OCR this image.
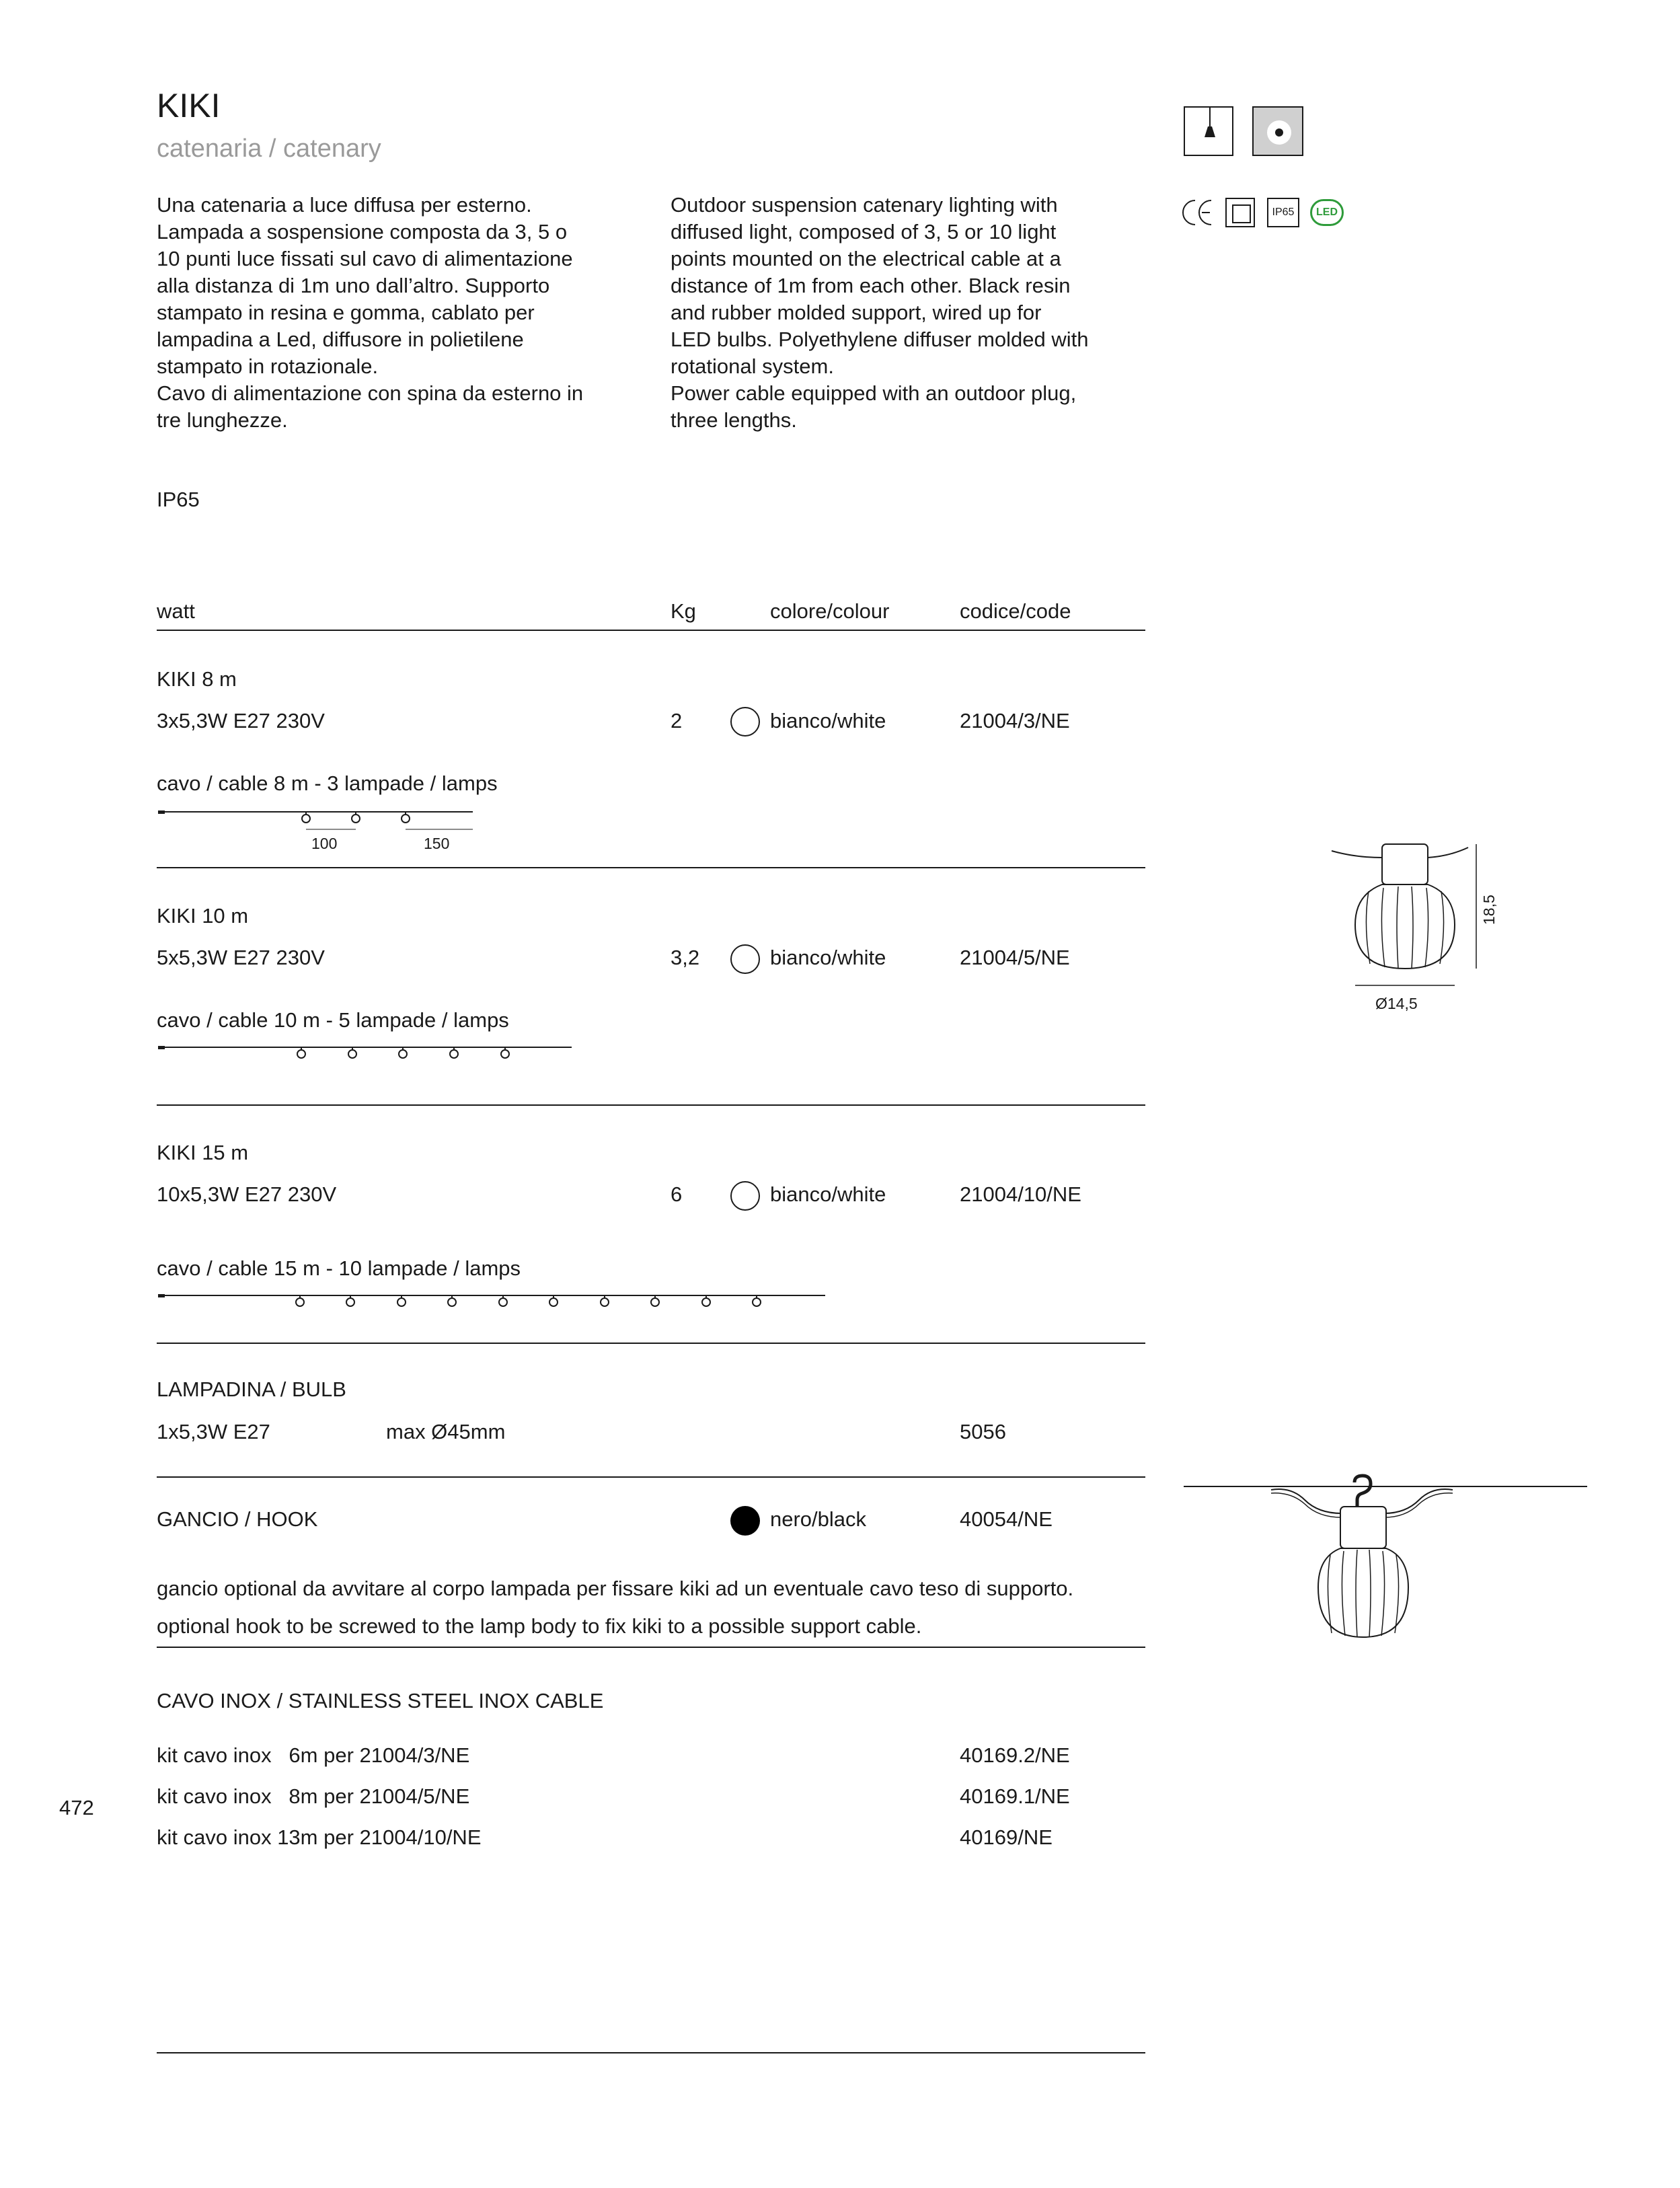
KIKI
catenaria / catenary
IP65	LED
Una catenaria a luce diffusa per esterno.
Lampada a sospensione composta da 3, 5 o
10 punti luce fissati sul cavo di alimentazione
alla distanza di 1m uno dall’altro. Supporto
stampato in resina e gomma, cablato per
lampadina a Led, diffusore in polietilene
stampato in rotazionale.
Cavo di alimentazione con spina da esterno in
tre lunghezze.
Outdoor suspension catenary lighting with
diffused light, composed of 3, 5 or 10 light
points mounted on the electrical cable at a
distance of 1m from each other. Black resin
and rubber molded support, wired up for
LED bulbs. Polyethylene diffuser molded with
rotational system.
Power cable equipped with an outdoor plug,
three lengths.
IP65
watt	Kg	colore/colour	codice/code
KIKI 8 m
3x5,3W E27 230V	2	bianco/white	21004/3/NE
cavo / cable 8 m - 3 lampade / lamps
100	150
KIKI 10 m
5x5,3W E27 230V	3,2	bianco/white	21004/5/NE
cavo / cable 10 m - 5 lampade / lamps
KIKI 15 m
10x5,3W E27 230V	6	bianco/white	21004/10/NE
cavo / cable 15 m - 10 lampade / lamps
LAMPADINA / BULB
1x5,3W E27	max Ø45mm	5056
GANCIO / HOOK	nero/black	40054/NE
gancio optional da avvitare al corpo lampada per fissare kiki ad un eventuale cavo teso di supporto.
optional hook to be screwed to the lamp body to fix kiki to a possible support cable.
CAVO INOX / STAINLESS STEEL INOX CABLE
kit cavo inox   6m per 21004/3/NE	40169.2/NE
kit cavo inox   8m per 21004/5/NE	40169.1/NE
kit cavo inox 13m per 21004/10/NE	40169/NE
472
18,5
Ø14,5
